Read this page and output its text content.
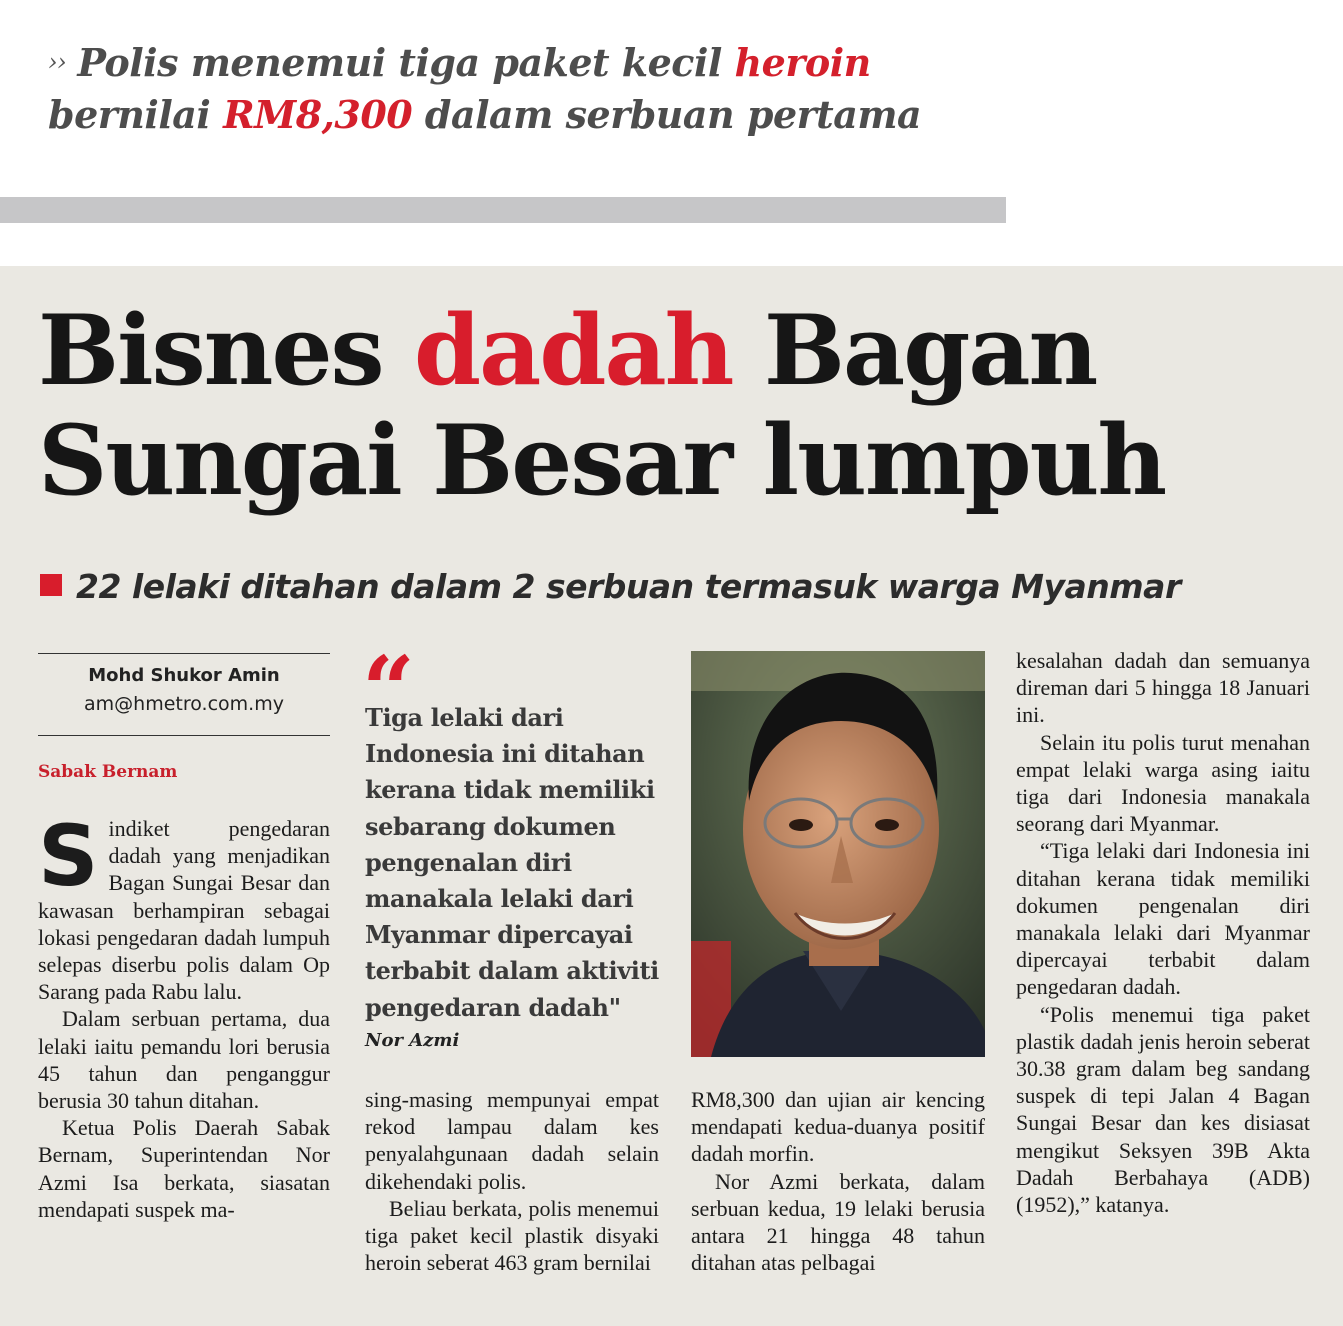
›› Polis menemui tiga paket kecil heroin
bernilai RM8,300 dalam serbuan pertama
Bisnes dadah Bagan
Sungai Besar lumpuh
22 lelaki ditahan dalam 2 serbuan termasuk warga Myanmar
Mohd Shukor Amin
am@hmetro.com.my
Sabak Bernam

Sindiket pengedaran dadah yang menjadikan Bagan Sungai Besar dan kawasan berhampiran sebagai lokasi pengedaran dadah lumpuh selepas diserbu polis dalam Op Sarang pada Rabu lalu.

Dalam serbuan pertama, dua lelaki iaitu pemandu lori berusia 45 tahun dan penganggur berusia 30 tahun ditahan.

Ketua Polis Daerah Sabak Bernam, Superintendan Nor Azmi Isa berkata, siasatan mendapati suspek ma-

“
Tiga lelaki dari Indonesia ini ditahan kerana tidak memiliki sebarang dokumen pengenalan diri manakala lelaki dari Myanmar dipercayai terbabit dalam aktiviti pengedaran dadah"
Nor Azmi

sing-masing mempunyai empat rekod lampau dalam kes penyalahgunaan dadah selain dikehendaki polis.

Beliau berkata, polis menemui tiga paket kecil plastik disyaki heroin seberat 463 gram bernilai

RM8,300 dan ujian air kencing mendapati kedua-duanya positif dadah morfin.

Nor Azmi berkata, dalam serbuan kedua, 19 lelaki berusia antara 21 hingga 48 tahun ditahan atas pelbagai

kesalahan dadah dan semuanya direman dari 5 hingga 18 Januari ini.

Selain itu polis turut menahan empat lelaki warga asing iaitu tiga dari Indonesia manakala seorang dari Myanmar.

“Tiga lelaki dari Indonesia ini ditahan kerana tidak memiliki dokumen pengenalan diri manakala lelaki dari Myanmar dipercayai terbabit dalam pengedaran dadah.

“Polis menemui tiga paket plastik dadah jenis heroin seberat 30.38 gram dalam beg sandang suspek di tepi Jalan 4 Bagan Sungai Besar dan kes disiasat mengikut Seksyen 39B Akta Dadah Berbahaya (ADB) (1952),” katanya.
